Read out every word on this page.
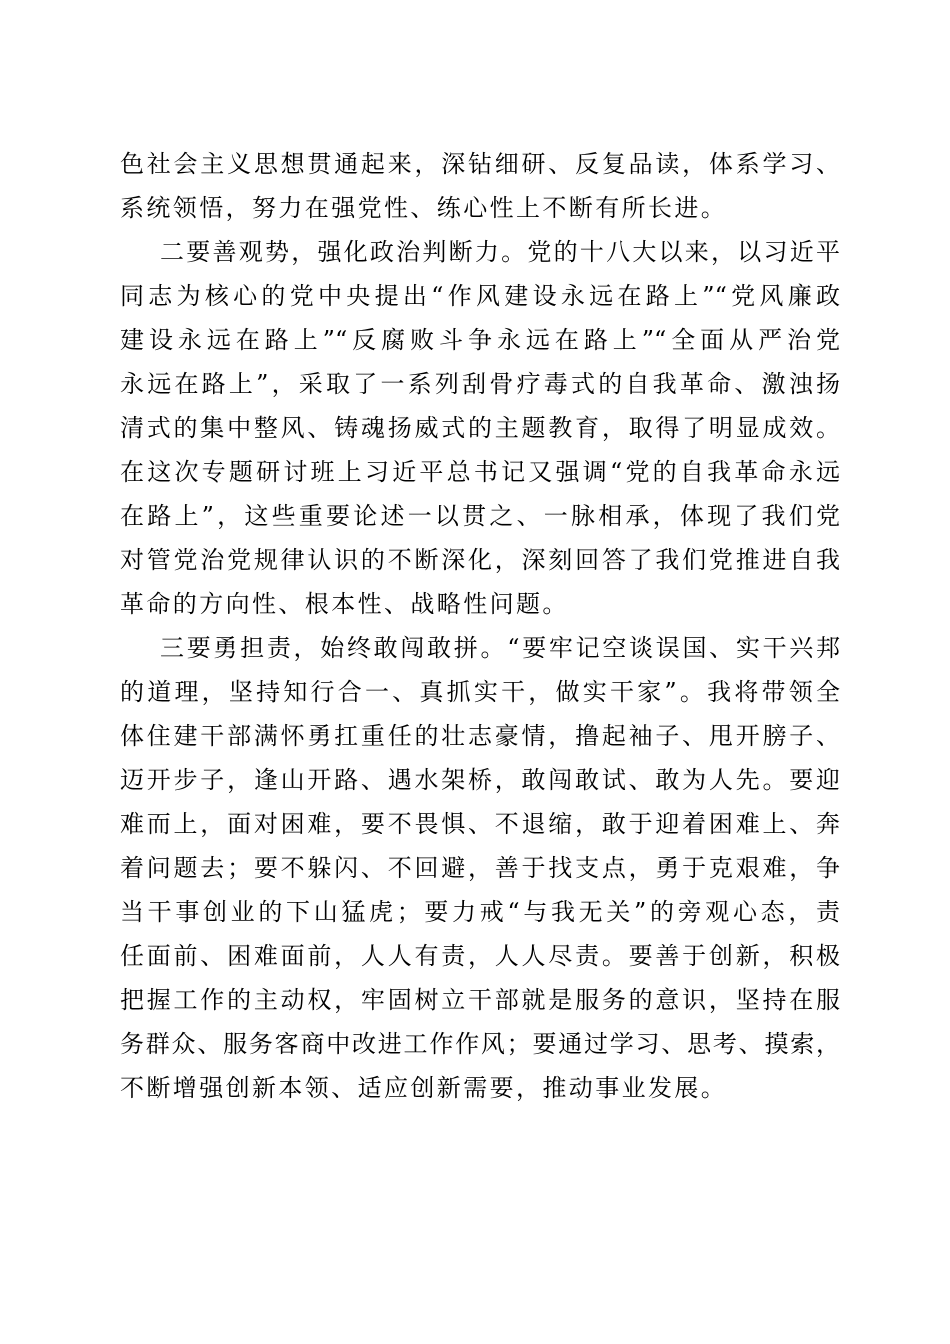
色社会主义思想贯通起来，深钻细研、反复品读，体系学习、
系统领悟，努力在强党性、练心性上不断有所长进。
二要善观势，强化政治判断力。党的十八大以来，以习近平
同志为核心的党中央提出“作风建设永远在路上”“党风廉政
建设永远在路上”“反腐败斗争永远在路上”“全面从严治党
永远在路上”，采取了一系列刮骨疗毒式的自我革命、激浊扬
清式的集中整风、铸魂扬威式的主题教育，取得了明显成效。
在这次专题研讨班上习近平总书记又强调“党的自我革命永远
在路上”，这些重要论述一以贯之、一脉相承，体现了我们党
对管党治党规律认识的不断深化，深刻回答了我们党推进自我
革命的方向性、根本性、战略性问题。
三要勇担责，始终敢闯敢拼。“要牢记空谈误国、实干兴邦
的道理，坚持知行合一、真抓实干，做实干家”。我将带领全
体住建干部满怀勇扛重任的壮志豪情，撸起袖子、甩开膀子、
迈开步子，逢山开路、遇水架桥，敢闯敢试、敢为人先。要迎
难而上，面对困难，要不畏惧、不退缩，敢于迎着困难上、奔
着问题去；要不躲闪、不回避，善于找支点，勇于克艰难，争
当干事创业的下山猛虎；要力戒“与我无关”的旁观心态，责
任面前、困难面前，人人有责，人人尽责。要善于创新，积极
把握工作的主动权，牢固树立干部就是服务的意识，坚持在服
务群众、服务客商中改进工作作风；要通过学习、思考、摸索，
不断增强创新本领、适应创新需要，推动事业发展。
